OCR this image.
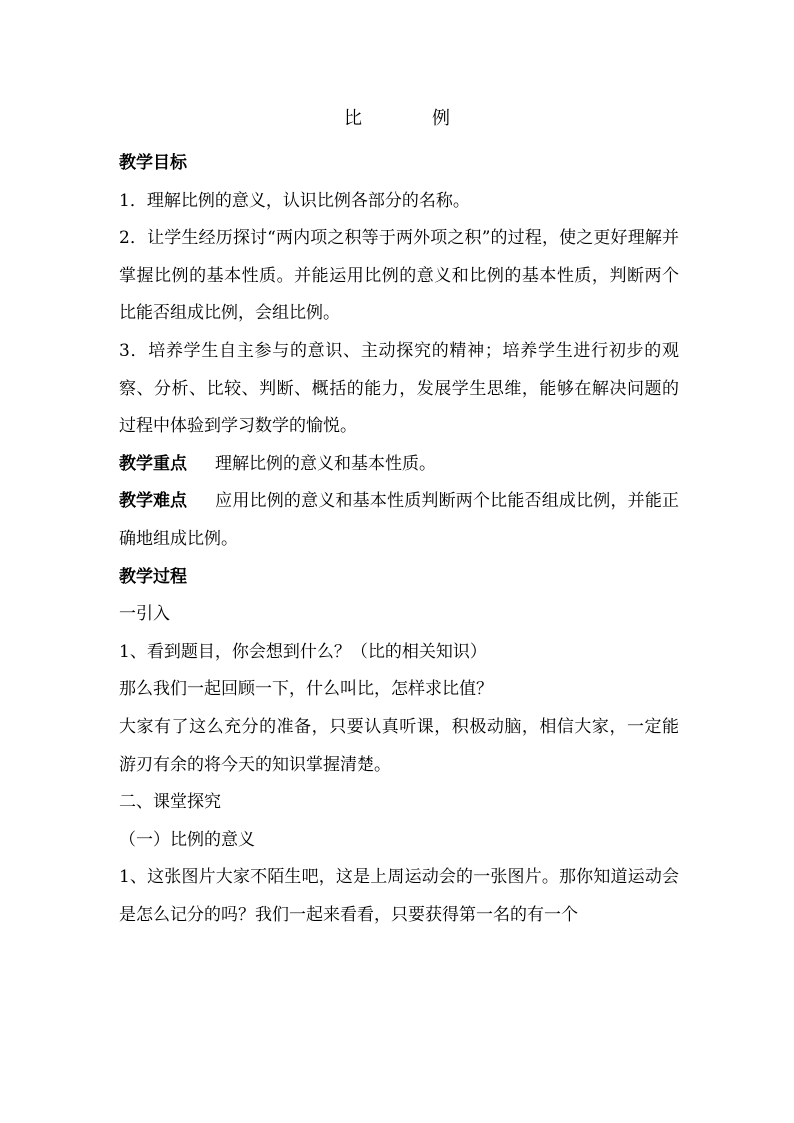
比　例

教学目标

1．理解比例的意义，认识比例各部分的名称。

2．让学生经历探讨“两内项之积等于两外项之积”的过程，使之更好理解并掌握比例的基本性质。并能运用比例的意义和比例的基本性质，判断两个比能否组成比例，会组比例。

3．培养学生自主参与的意识、主动探究的精神；培养学生进行初步的观察、分析、比较、判断、概括的能力，发展学生思维，能够在解决问题的过程中体验到学习数学的愉悦。

教学重点 理解比例的意义和基本性质。

教学难点 应用比例的意义和基本性质判断两个比能否组成比例，并能正确地组成比例。

教学过程

一引入

1、看到题目，你会想到什么？（比的相关知识）

那么我们一起回顾一下，什么叫比，怎样求比值？

大家有了这么充分的准备，只要认真听课，积极动脑，相信大家，一定能游刃有余的将今天的知识掌握清楚。

二、课堂探究

（一）比例的意义

1、这张图片大家不陌生吧，这是上周运动会的一张图片。那你知道运动会是怎么记分的吗？我们一起来看看，只要获得第一名的有一个
